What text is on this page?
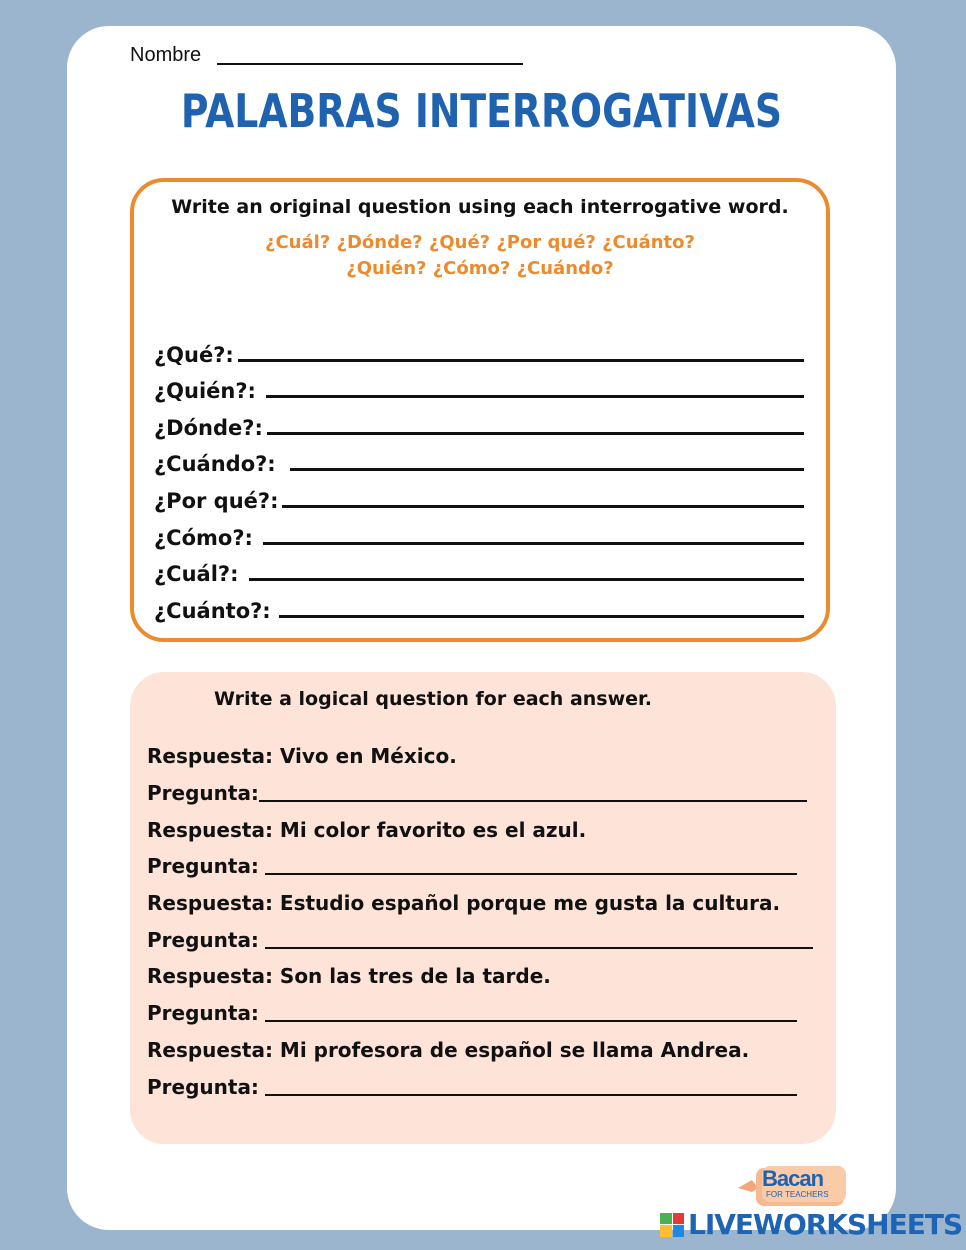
Nombre
PALABRAS INTERROGATIVAS
Write an original question using each interrogative word.
¿Cuál? ¿Dónde? ¿Qué? ¿Por qué? ¿Cuánto?
¿Quién? ¿Cómo? ¿Cuándo?
¿Qué?:
¿Quién?:
¿Dónde?:
¿Cuándo?:
¿Por qué?:
¿Cómo?:
¿Cuál?:
¿Cuánto?:
Write a logical question for each answer.
Respuesta: Vivo en México.
Pregunta:
Respuesta: Mi color favorito es el azul.
Pregunta:
Respuesta: Estudio español porque me gusta la cultura.
Pregunta:
Respuesta: Son las tres de la tarde.
Pregunta:
Respuesta: Mi profesora de español se llama Andrea.
Pregunta:
Bacan
FOR TEACHERS
LIVEWORKSHEETS
